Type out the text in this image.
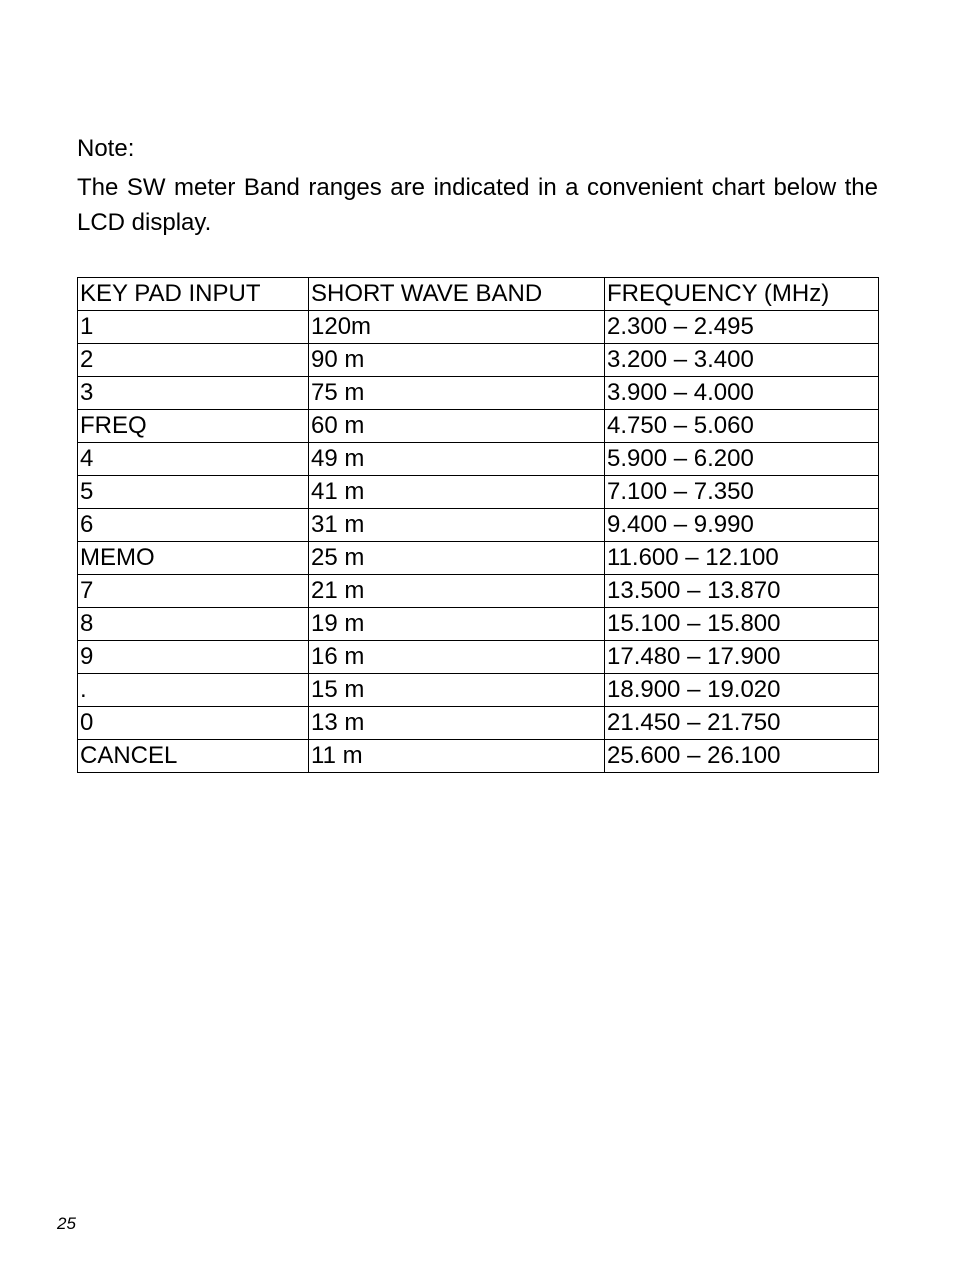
Note:

The SW meter Band ranges are indicated in a convenient chart below the LCD display.

KEY PAD INPUT	SHORT WAVE BAND	FREQUENCY (MHz)
1	120m	2.300 – 2.495
2	90 m	3.200 – 3.400
3	75 m	3.900 – 4.000
FREQ	60 m	4.750 – 5.060
4	49 m	5.900 – 6.200
5	41 m	7.100 – 7.350
6	31 m	9.400 – 9.990
MEMO	25 m	11.600 – 12.100
7	21 m	13.500 – 13.870
8	19 m	15.100 – 15.800
9	16 m	17.480 – 17.900
.	15 m	18.900 – 19.020
0	13 m	21.450 – 21.750
CANCEL	11 m	25.600 – 26.100
25
